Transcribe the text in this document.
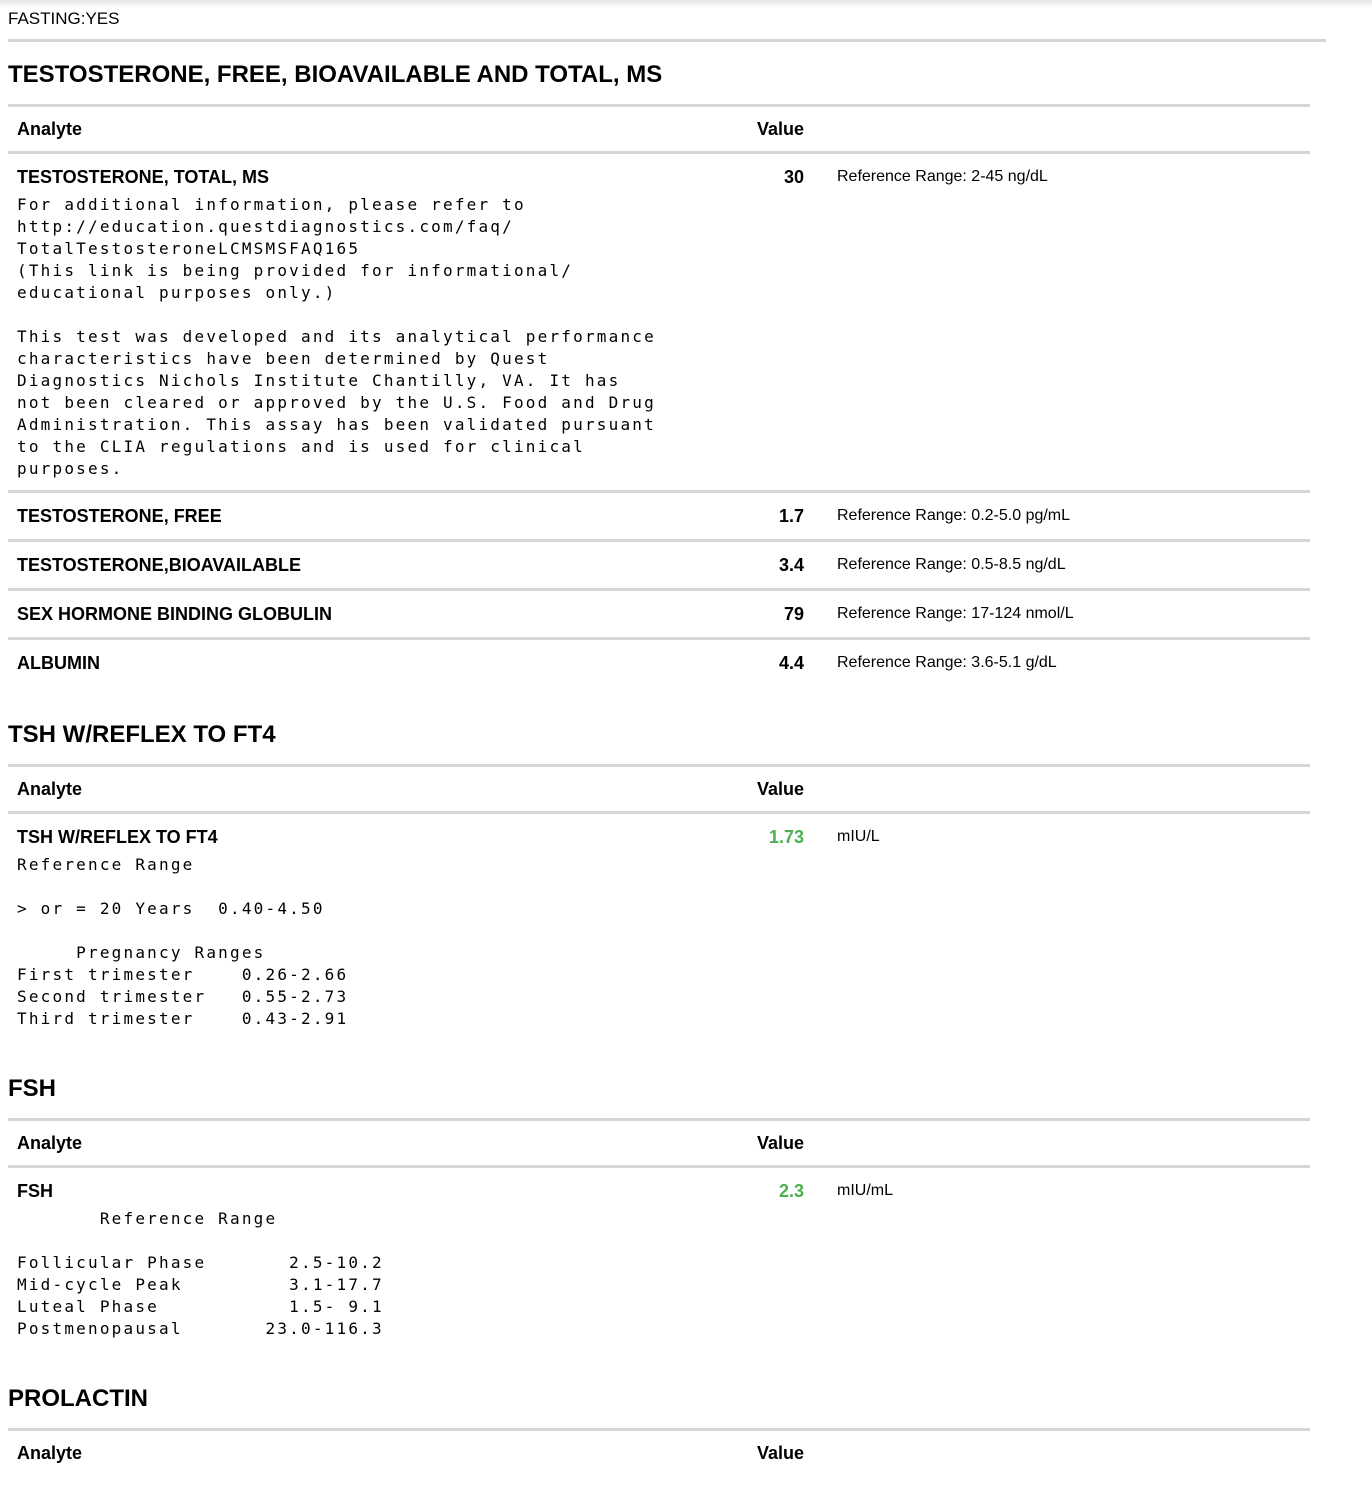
FASTING:YES
TESTOSTERONE, FREE, BIOAVAILABLE AND TOTAL, MS
Analyte	Value
TESTOSTERONE, TOTAL, MS	30 Reference Range: 2-45 ng/dL
For additional information, please refer to
http://education.questdiagnostics.com/faq/
TotalTestosteroneLCMSMSFAQ165
(This link is being provided for informational/
educational purposes only.)

This test was developed and its analytical performance
characteristics have been determined by Quest
Diagnostics Nichols Institute Chantilly, VA. It has
not been cleared or approved by the U.S. Food and Drug
Administration. This assay has been validated pursuant
to the CLIA regulations and is used for clinical
purposes.
TESTOSTERONE, FREE	1.7 Reference Range: 0.2-5.0 pg/mL
TESTOSTERONE,BIOAVAILABLE	3.4 Reference Range: 0.5-8.5 ng/dL
SEX HORMONE BINDING GLOBULIN	79 Reference Range: 17-124 nmol/L
ALBUMIN	4.4 Reference Range: 3.6-5.1 g/dL
TSH W/REFLEX TO FT4
Analyte	Value
TSH W/REFLEX TO FT4	1.73 mIU/L
Reference Range

> or = 20 Years  0.40-4.50

Pregnancy Ranges
First trimester    0.26-2.66
Second trimester   0.55-2.73
Third trimester    0.43-2.91
FSH
Analyte	Value
FSH	2.3 mIU/mL
Reference Range

Follicular Phase       2.5-10.2
Mid-cycle Peak         3.1-17.7
Luteal Phase           1.5- 9.1
Postmenopausal       23.0-116.3
PROLACTIN
Analyte	Value
